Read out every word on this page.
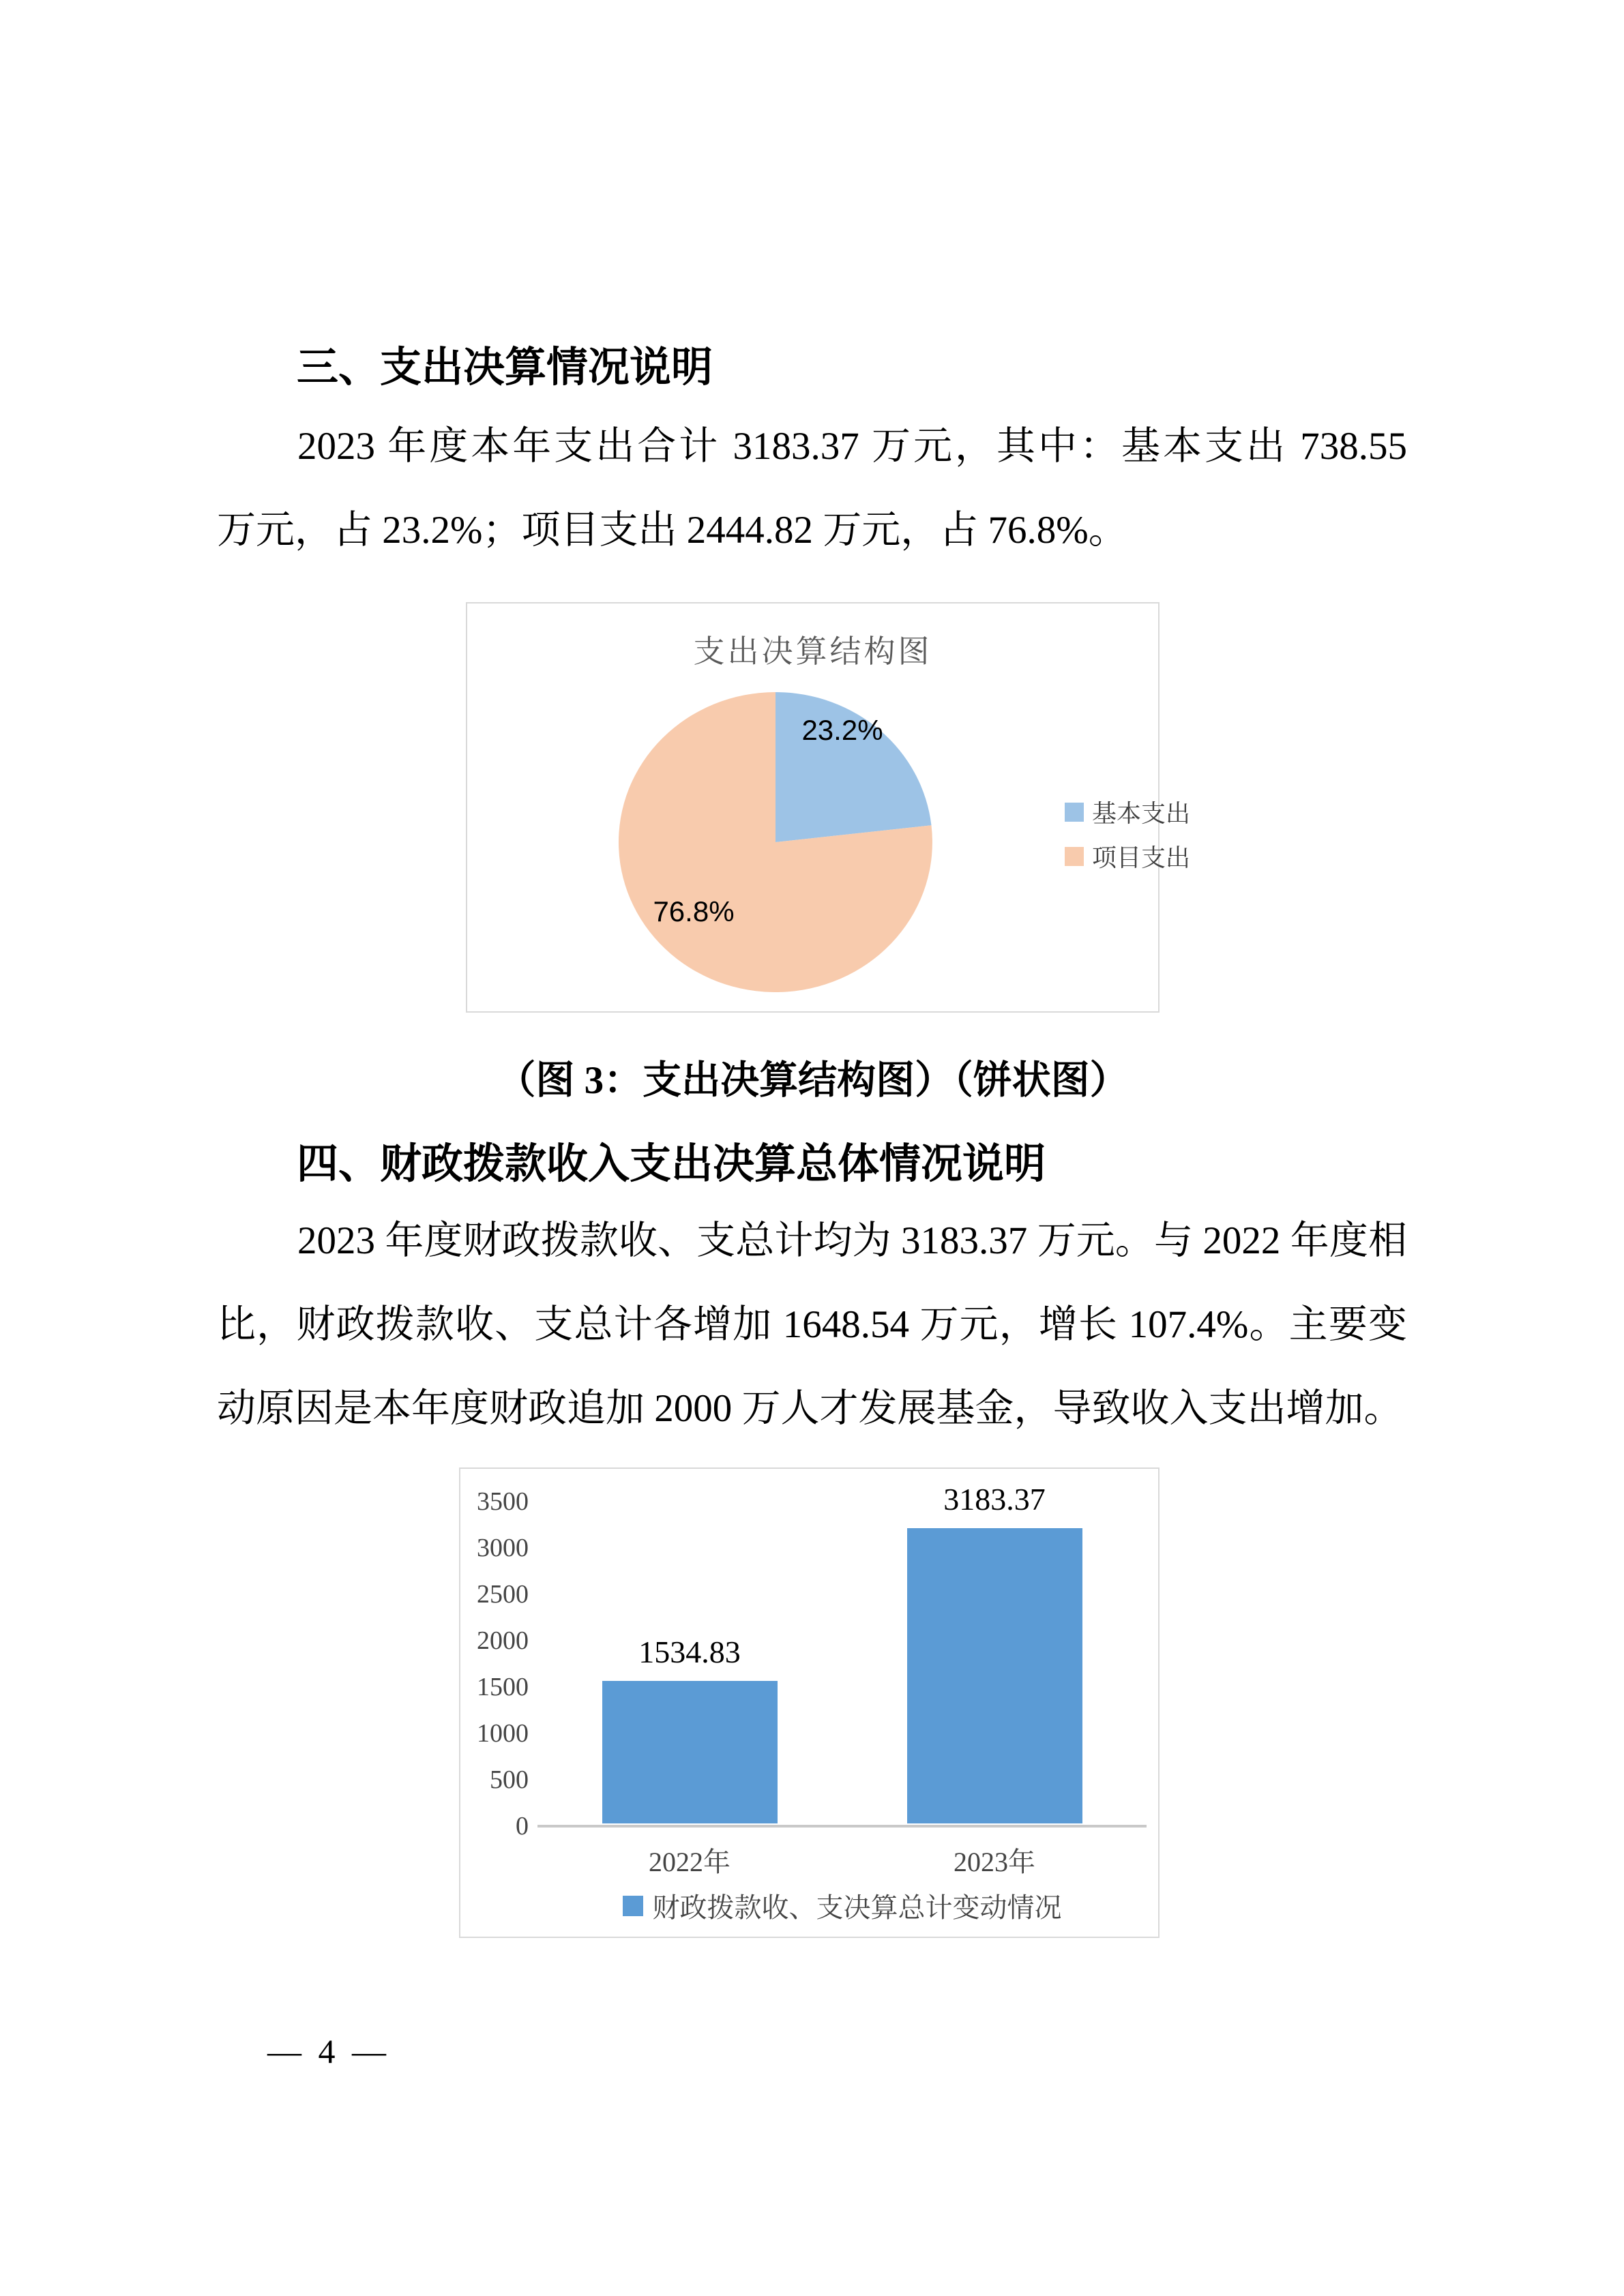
三、支出决算情况说明
2023 年度本年支出合计 3183.37 万元，其中：基本支出 738.55
万元，占 23.2%；项目支出 2444.82 万元，占 76.8%。
支出决算结构图
23.2%
76.8%
基本支出
项目支出
（图 3：支出决算结构图）（饼状图）
四、财政拨款收入支出决算总体情况说明
2023 年度财政拨款收、支总计均为 3183.37 万元。与 2022 年度相
比，财政拨款收、支总计各增加 1648.54 万元，增长 107.4%。主要变
动原因是本年度财政追加 2000 万人才发展基金，导致收入支出增加。
3500
3000
2500
2000
1500
1000
500
0
1534.83
3183.37
2022年	2023年
财政拨款收、支决算总计变动情况
— 4 —
